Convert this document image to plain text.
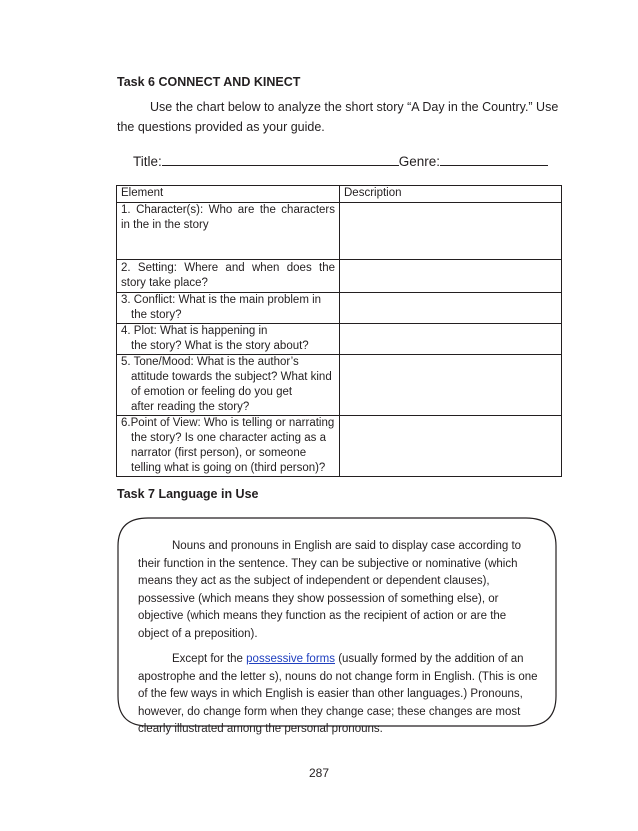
Task 6 CONNECT AND KINECT
Use the chart below to analyze the short story “A Day in the Country.” Use the questions provided as your guide.
Title:	Genre:
Element	Description
1. Character(s): Who are the characters in the in the story	
2. Setting: Where and when does the story take place?	

3. Conflict: What is the main problem in
the story?	

4. Plot: What is happening in
the story? What is the story about?	

5. Tone/Mood: What is the author’s
attitude towards the subject? What kind
of emotion or feeling do you get
after reading the story?	

6.Point of View: Who is telling or narrating
the story? Is one character acting as a
narrator (first person), or someone
telling what is going on (third person)?	

Task 7 Language in Use

Nouns and pronouns in English are said to display case according to their function in the sentence. They can be subjective or nominative (which means they act as the subject of independent or dependent clauses), possessive (which means they show possession of something else), or objective (which means they function as the recipient of action or are the object of a preposition).

Except for the possessive forms (usually formed by the addition of an apostrophe and the letter s), nouns do not change form in English. (This is one of the few ways in which English is easier than other languages.) Pronouns, however, do change form when they change case; these changes are most clearly illustrated among the personal pronouns.

287
